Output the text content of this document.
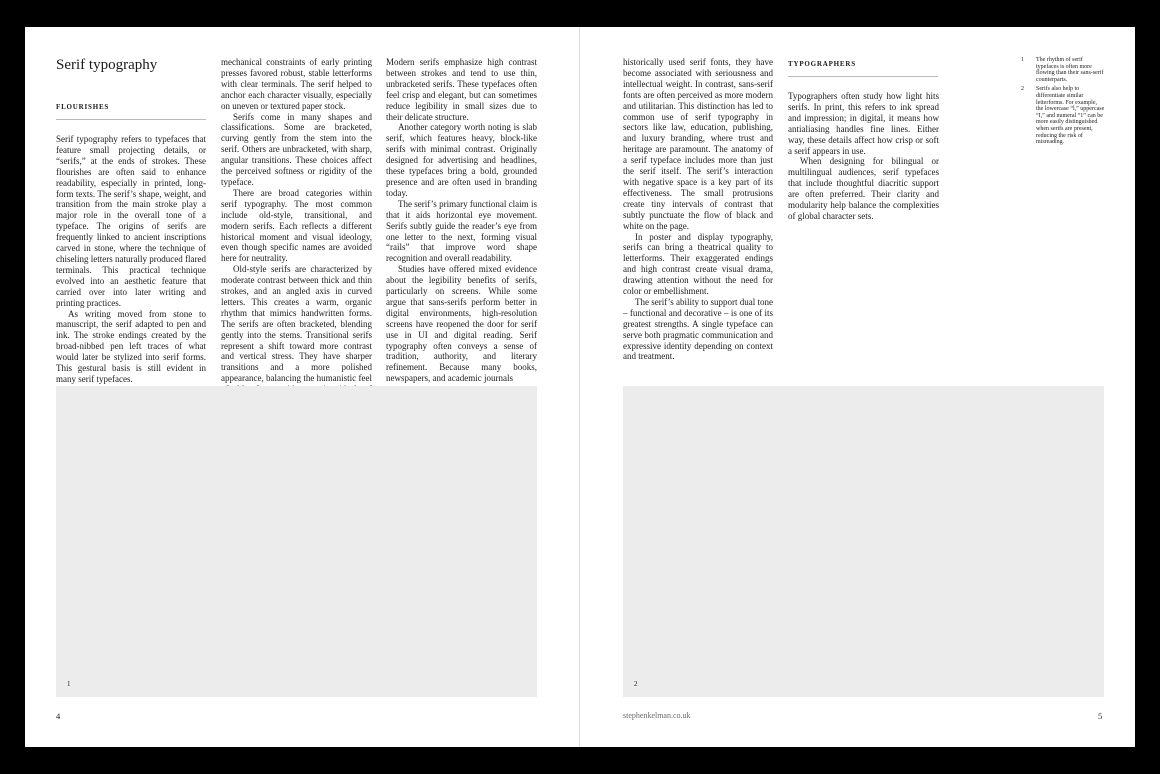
Serif typography
FLOURISHES

Serif typography refers to typefaces that feature small projecting details, or “serifs,” at the ends of strokes. These flourishes are often said to enhance readability, especially in printed, long-form texts. The serif’s shape, weight, and transition from the main stroke play a major role in the overall tone of a typeface. The origins of serifs are frequently linked to ancient inscriptions carved in stone, where the technique of chiseling letters naturally produced flared terminals. This practical technique evolved into an aesthetic feature that carried over into later writing and printing practices.

As writing moved from stone to manuscript, the serif adapted to pen and ink. The stroke endings created by the broad-nibbed pen left traces of what would later be stylized into serif forms. This gestural basis is still evident in many serif typefaces.

mechanical constraints of early printing presses favored robust, stable letterforms with clear terminals. The serif helped to anchor each character visually, especially on uneven or textured paper stock.

Serifs come in many shapes and classifications. Some are bracketed, curving gently from the stem into the serif. Others are unbracketed, with sharp, angular transitions. These choices affect the perceived softness or rigidity of the typeface.

There are broad categories within serif typography. The most common include old-style, transitional, and modern serifs. Each reflects a different historical moment and visual ideology, even though specific names are avoided here for neutrality.

Old-style serifs are characterized by moderate contrast between thick and thin strokes, and an angled axis in curved letters. This creates a warm, organic rhythm that mimics handwritten forms. The serifs are often bracketed, blending gently into the stems. Transitional serifs represent a shift toward more contrast and vertical stress. They have sharper transitions and a more polished appearance, balancing the humanistic feel

Modern serifs emphasize high contrast between strokes and tend to use thin, unbracketed serifs. These typefaces often feel crisp and elegant, but can sometimes reduce legibility in small sizes due to their delicate structure.

Another category worth noting is slab serif, which features heavy, block-like serifs with minimal contrast. Originally designed for advertising and headlines, these typefaces bring a bold, grounded presence and are often used in branding today.

The serif’s primary functional claim is that it aids horizontal eye movement. Serifs subtly guide the reader’s eye from one letter to the next, forming visual “rails” that improve word shape recognition and overall readability.

Studies have offered mixed evidence about the legibility benefits of serifs, particularly on screens. While some argue that sans-serifs perform better in digital environments, high-resolution screens have reopened the door for serif use in UI and digital reading. Serif typography often conveys a sense of tradition, authority, and literary refinement. Because many books, newspapers, and academic journals

1
4

historically used serif fonts, they have become associated with seriousness and intellectual weight. In contrast, sans-serif fonts are often perceived as more modern and utilitarian. This distinction has led to common use of serif typography in sectors like law, education, publishing, and luxury branding, where trust and heritage are paramount. The anatomy of a serif typeface includes more than just the serif itself. The serif’s interaction with negative space is a key part of its effectiveness. The small protrusions create tiny intervals of contrast that subtly punctuate the flow of black and white on the page.

In poster and display typography, serifs can bring a theatrical quality to letterforms. Their exaggerated endings and high contrast create visual drama, drawing attention without the need for color or embellishment.

The serif’s ability to support dual tone – functional and decorative – is one of its greatest strengths. A single typeface can serve both pragmatic communication and expressive identity depending on context and treatment.

TYPOGRAPHERS

Typographers often study how light hits serifs. In print, this refers to ink spread and impression; in digital, it means how antialiasing handles fine lines. Either way, these details affect how crisp or soft a serif appears in use.

When designing for bilingual or multilingual audiences, serif typefaces that include thoughtful diacritic support are often preferred. Their clarity and modularity help balance the complexities of global character sets.

1	The rhythm of serif typefaces is often more flowing than their sans-serif counterparts.
2	Serifs also help to differentiate similar letterforms. For example, the lowercase “l,” uppercase “I,” and numeral “1” can be more easily distinguished when serifs are present, reducing the risk of misreading.
2
stephenkelman.co.uk	5
